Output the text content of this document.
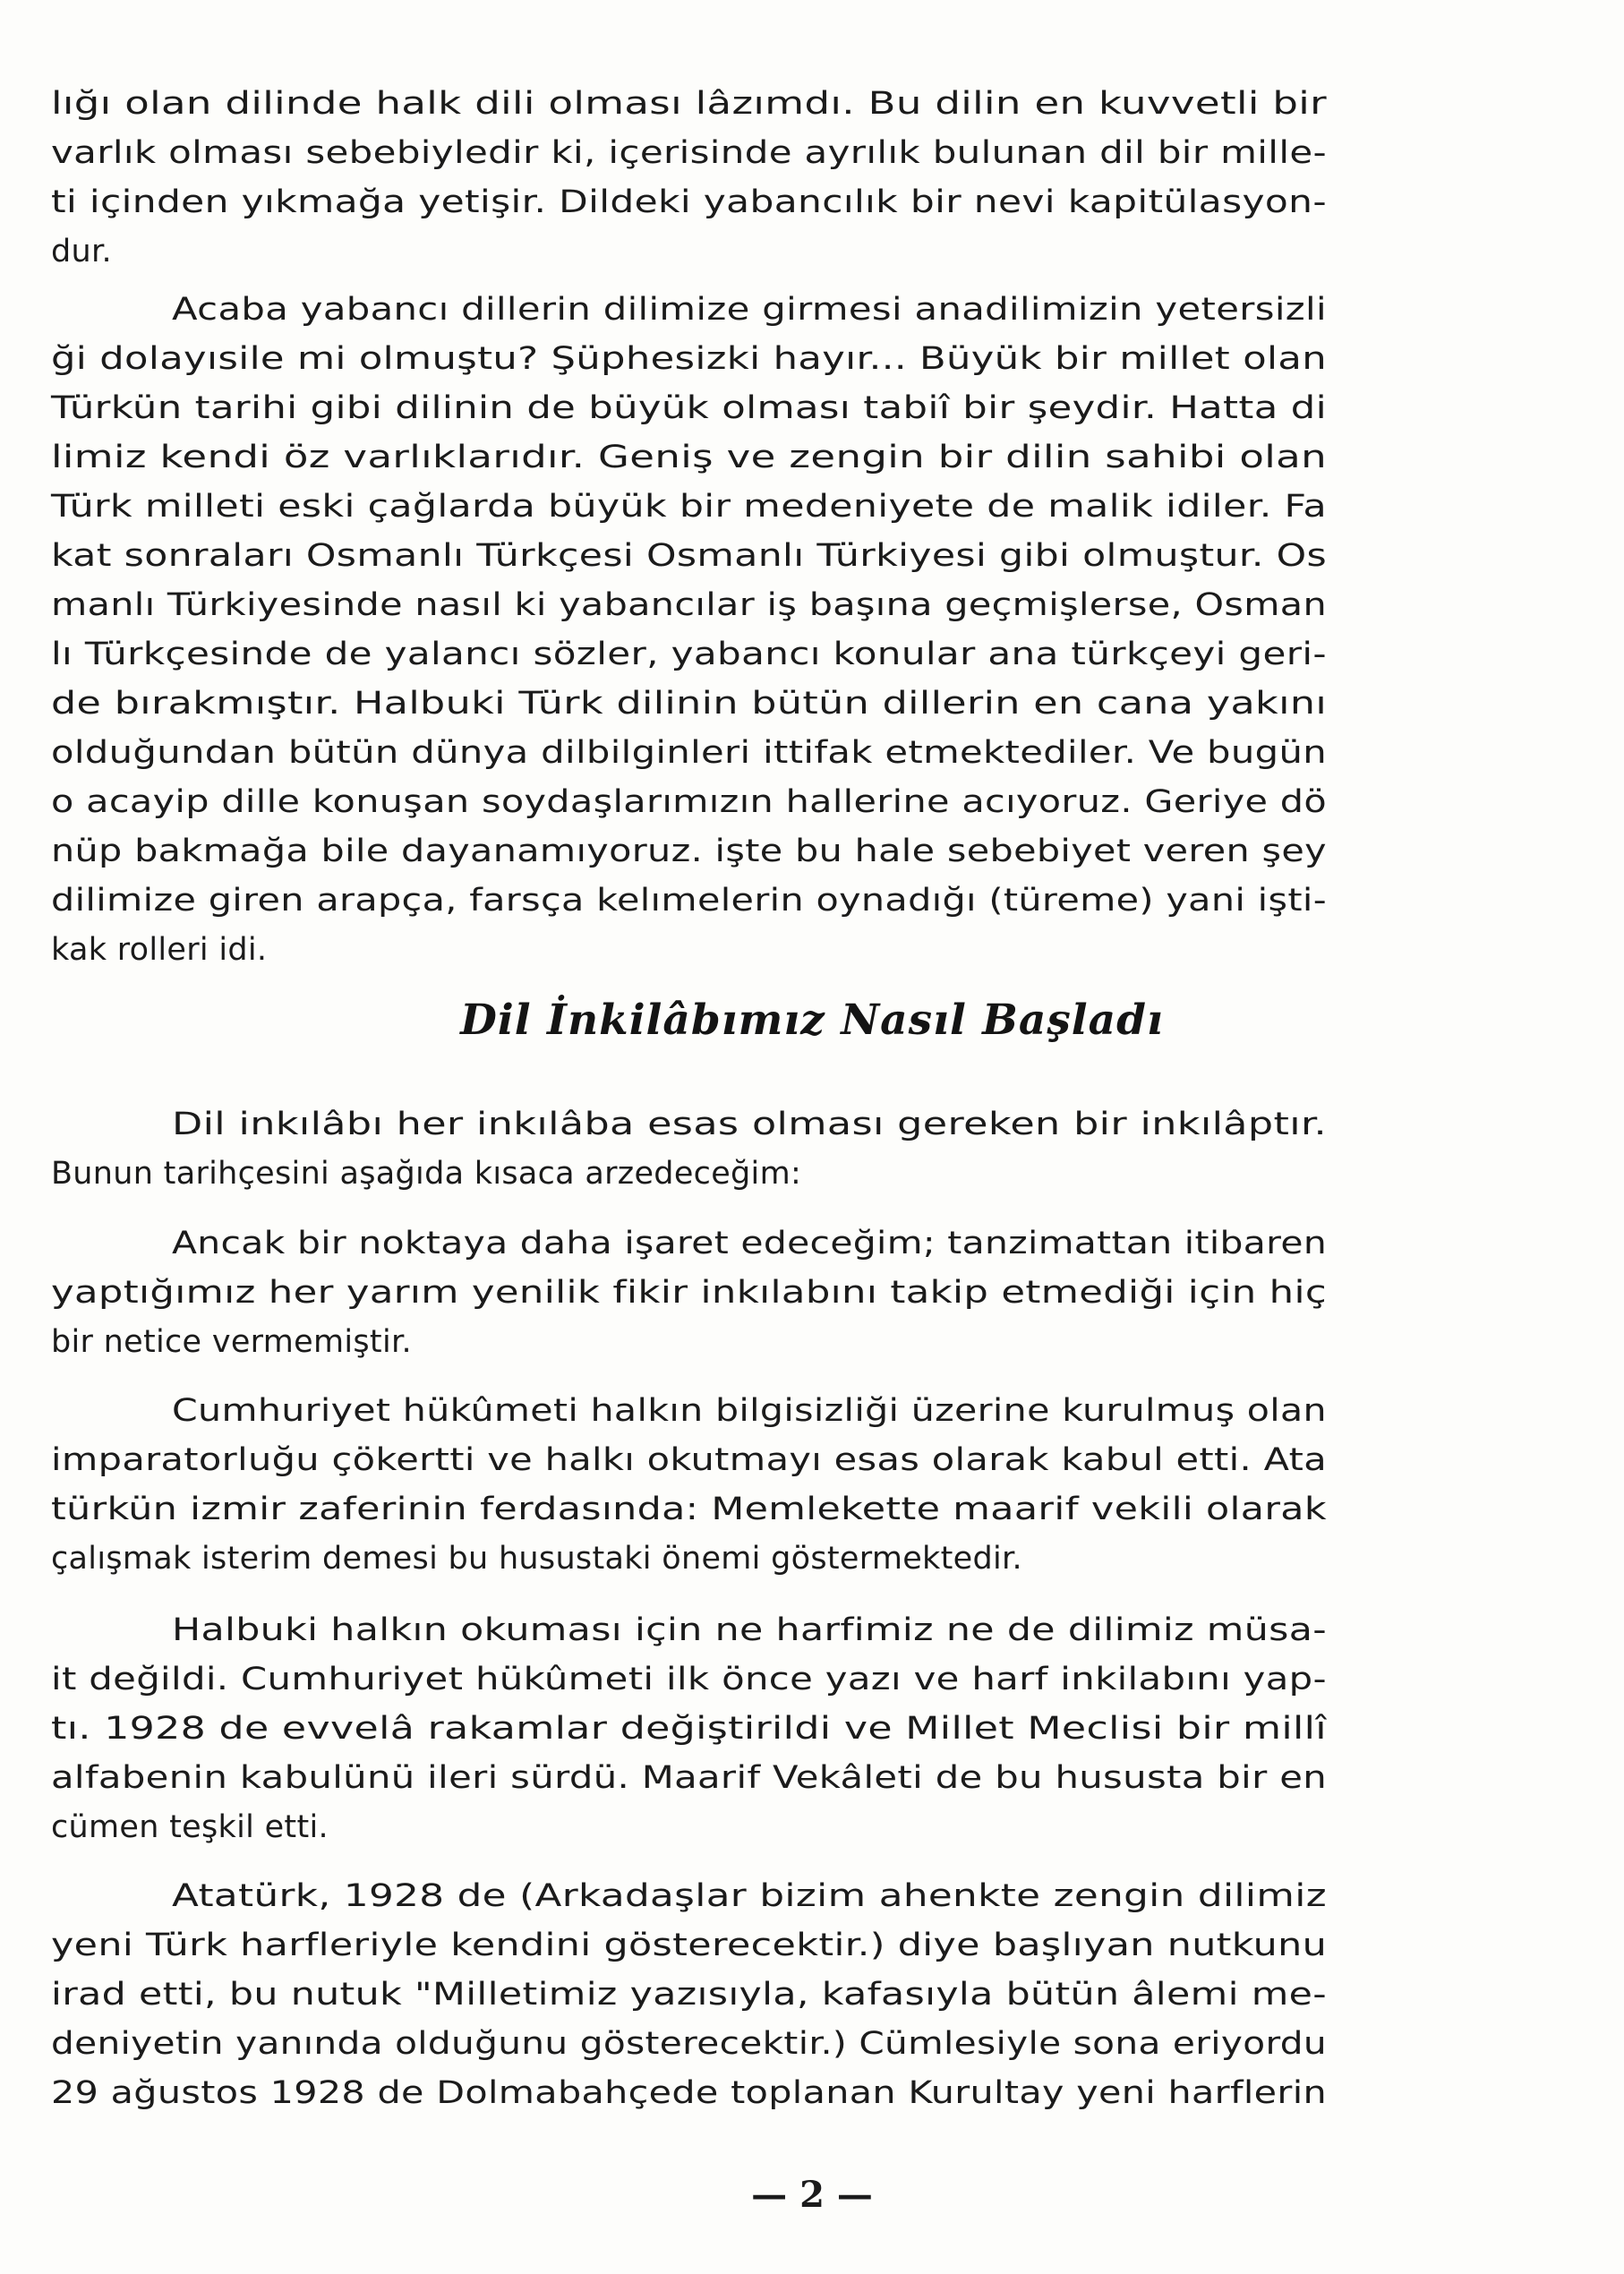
lığı olan dilinde halk dili olması lâzımdı. Bu dilin en kuvvetli bir
varlık olması sebebiyledir ki, içerisinde ayrılık bulunan dil bir mille-
ti içinden yıkmağa yetişir. Dildeki yabancılık bir nevi kapitülasyon-
dur.
Acaba yabancı dillerin dilimize girmesi anadilimizin yetersizli
ği dolayısile mi olmuştu? Şüphesizki hayır... Büyük bir millet olan
Türkün tarihi gibi dilinin de büyük olması tabiî bir şeydir. Hatta di
limiz kendi öz varlıklarıdır. Geniş ve zengin bir dilin sahibi olan
Türk milleti eski çağlarda büyük bir medeniyete de malik idiler. Fa
kat sonraları Osmanlı Türkçesi Osmanlı Türkiyesi gibi olmuştur. Os
manlı Türkiyesinde nasıl ki yabancılar iş başına geçmişlerse, Osman
lı Türkçesinde de yalancı sözler, yabancı konular ana türkçeyi geri-
de bırakmıştır. Halbuki Türk dilinin bütün dillerin en cana yakını
olduğundan bütün dünya dilbilginleri ittifak etmektediler. Ve bugün
o acayip dille konuşan soydaşlarımızın hallerine acıyoruz. Geriye dö
nüp bakmağa bile dayanamıyoruz. işte bu hale sebebiyet veren şey
dilimize giren arapça, farsça kelımelerin oynadığı (türeme) yani işti-
kak rolleri idi.
Dil İnkilâbımız Nasıl Başladı
Dil inkılâbı her inkılâba esas olması gereken bir inkılâptır.
Bunun tarihçesini aşağıda kısaca arzedeceğim:
Ancak bir noktaya daha işaret edeceğim; tanzimattan itibaren
yaptığımız her yarım yenilik fikir inkılabını takip etmediği için hiç
bir netice vermemiştir.
Cumhuriyet hükûmeti halkın bilgisizliği üzerine kurulmuş olan
imparatorluğu çökertti ve halkı okutmayı esas olarak kabul etti. Ata
türkün izmir zaferinin ferdasında: Memlekette maarif vekili olarak
çalışmak isterim demesi bu husustaki önemi göstermektedir.
Halbuki halkın okuması için ne harfimiz ne de dilimiz müsa-
it değildi. Cumhuriyet hükûmeti ilk önce yazı ve harf inkilabını yap-
tı. 1928 de evvelâ rakamlar değiştirildi ve Millet Meclisi bir millî
alfabenin kabulünü ileri sürdü. Maarif Vekâleti de bu hususta bir en
cümen teşkil etti.
Atatürk, 1928 de (Arkadaşlar bizim ahenkte zengin dilimiz
yeni Türk harfleriyle kendini gösterecektir.) diye başlıyan nutkunu
irad etti, bu nutuk "Milletimiz yazısıyla, kafasıyla bütün âlemi me-
deniyetin yanında olduğunu gösterecektir.) Cümlesiyle sona eriyordu
29 ağustos 1928 de Dolmabahçede toplanan Kurultay yeni harflerin
— 2 —
